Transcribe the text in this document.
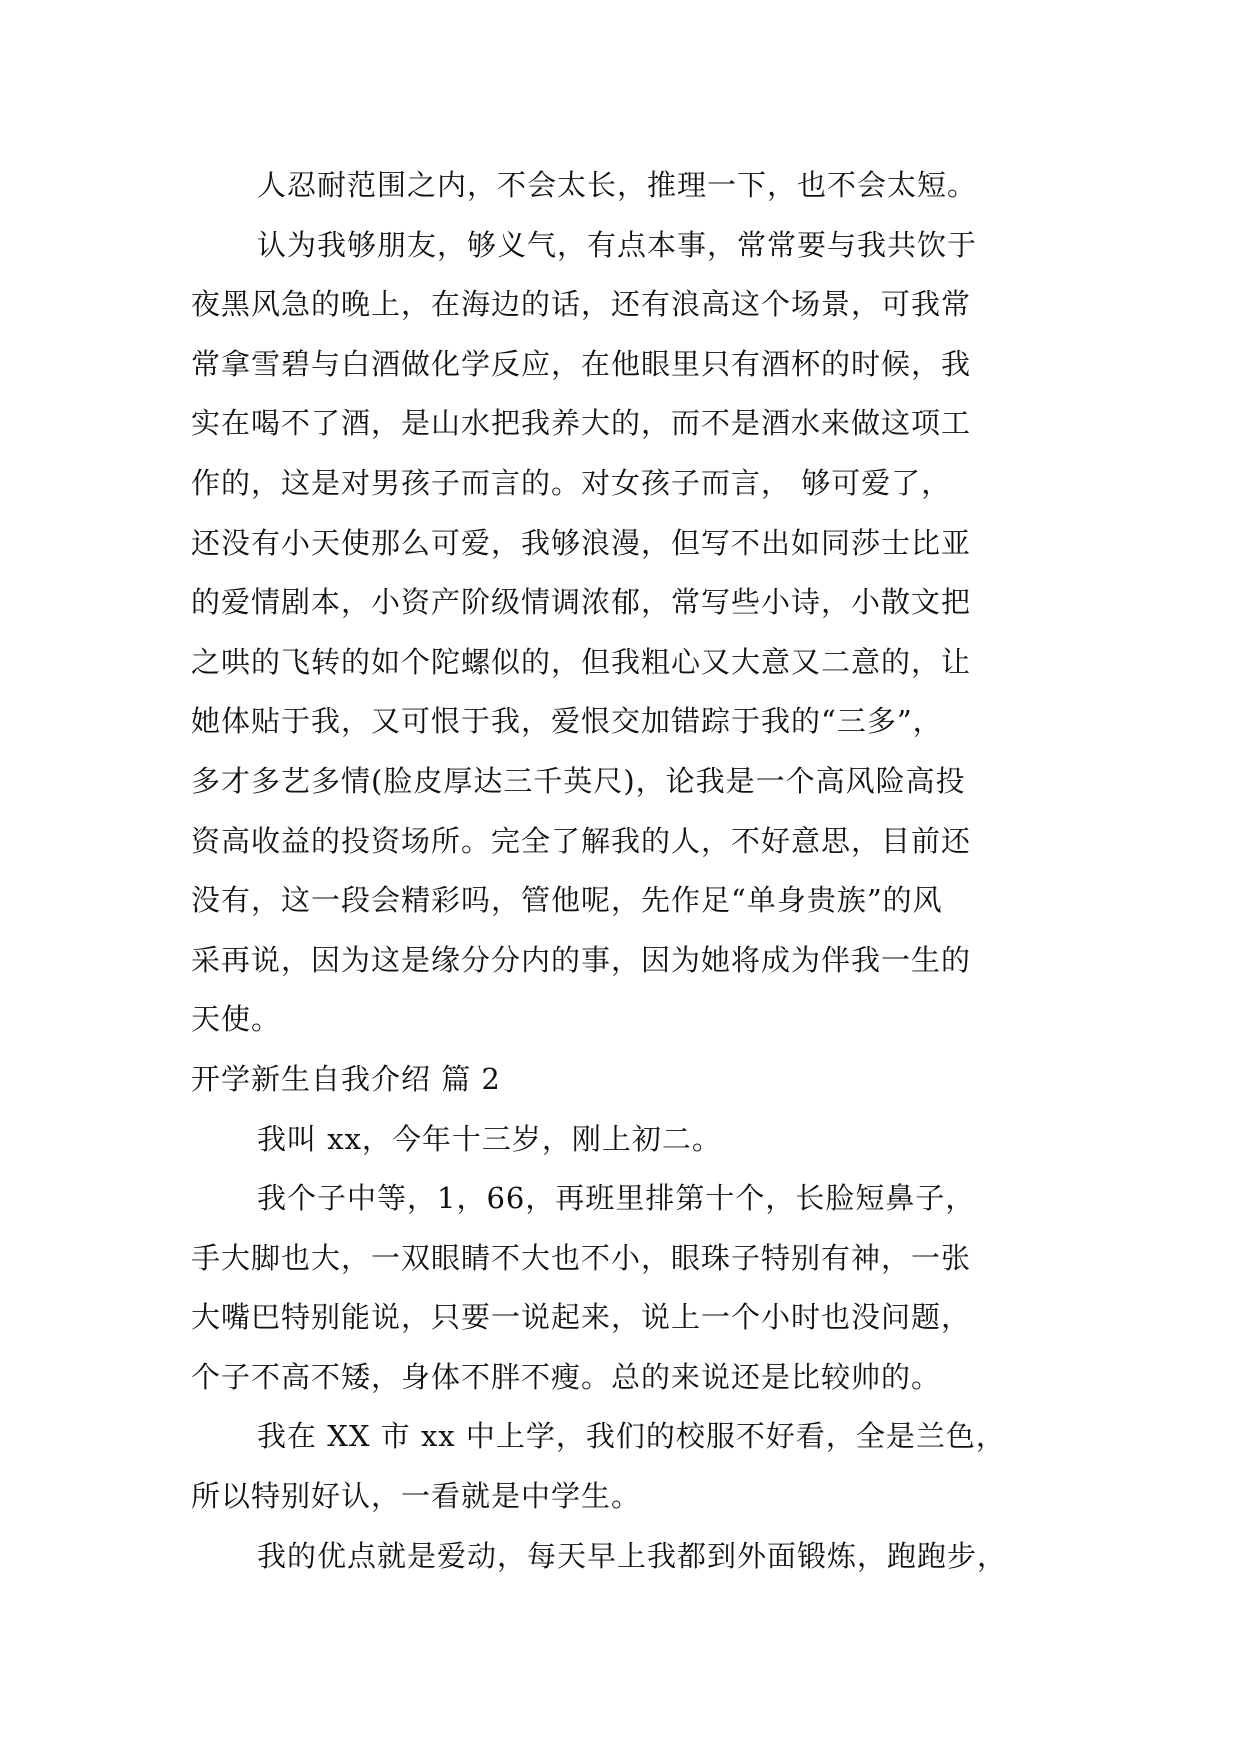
人忍耐范围之内，不会太长，推理一下，也不会太短。
认为我够朋友，够义气，有点本事，常常要与我共饮于
夜黑风急的晚上，在海边的话，还有浪高这个场景，可我常
常拿雪碧与白酒做化学反应，在他眼里只有酒杯的时候，我
实在喝不了酒，是山水把我养大的，而不是酒水来做这项工
作的，这是对男孩子而言的。对女孩子而言， 够可爱了，
还没有小天使那么可爱，我够浪漫，但写不出如同莎士比亚
的爱情剧本，小资产阶级情调浓郁，常写些小诗，小散文把
之哄的飞转的如个陀螺似的，但我粗心又大意又二意的，让
她体贴于我，又可恨于我，爱恨交加错踪于我的“三多”，
多才多艺多情(脸皮厚达三千英尺)，论我是一个高风险高投
资高收益的投资场所。完全了解我的人，不好意思，目前还
没有，这一段会精彩吗，管他呢，先作足“单身贵族”的风
采再说，因为这是缘分分内的事，因为她将成为伴我一生的
天使。
开学新生自我介绍 篇 2
我叫 xx，今年十三岁，刚上初二。
我个子中等，1，66，再班里排第十个，长脸短鼻子，
手大脚也大，一双眼睛不大也不小，眼珠子特别有神，一张
大嘴巴特别能说，只要一说起来，说上一个小时也没问题，
个子不高不矮，身体不胖不瘦。总的来说还是比较帅的。
我在 XX 市 xx 中上学，我们的校服不好看，全是兰色，
所以特别好认，一看就是中学生。
我的优点就是爱动，每天早上我都到外面锻炼，跑跑步，
